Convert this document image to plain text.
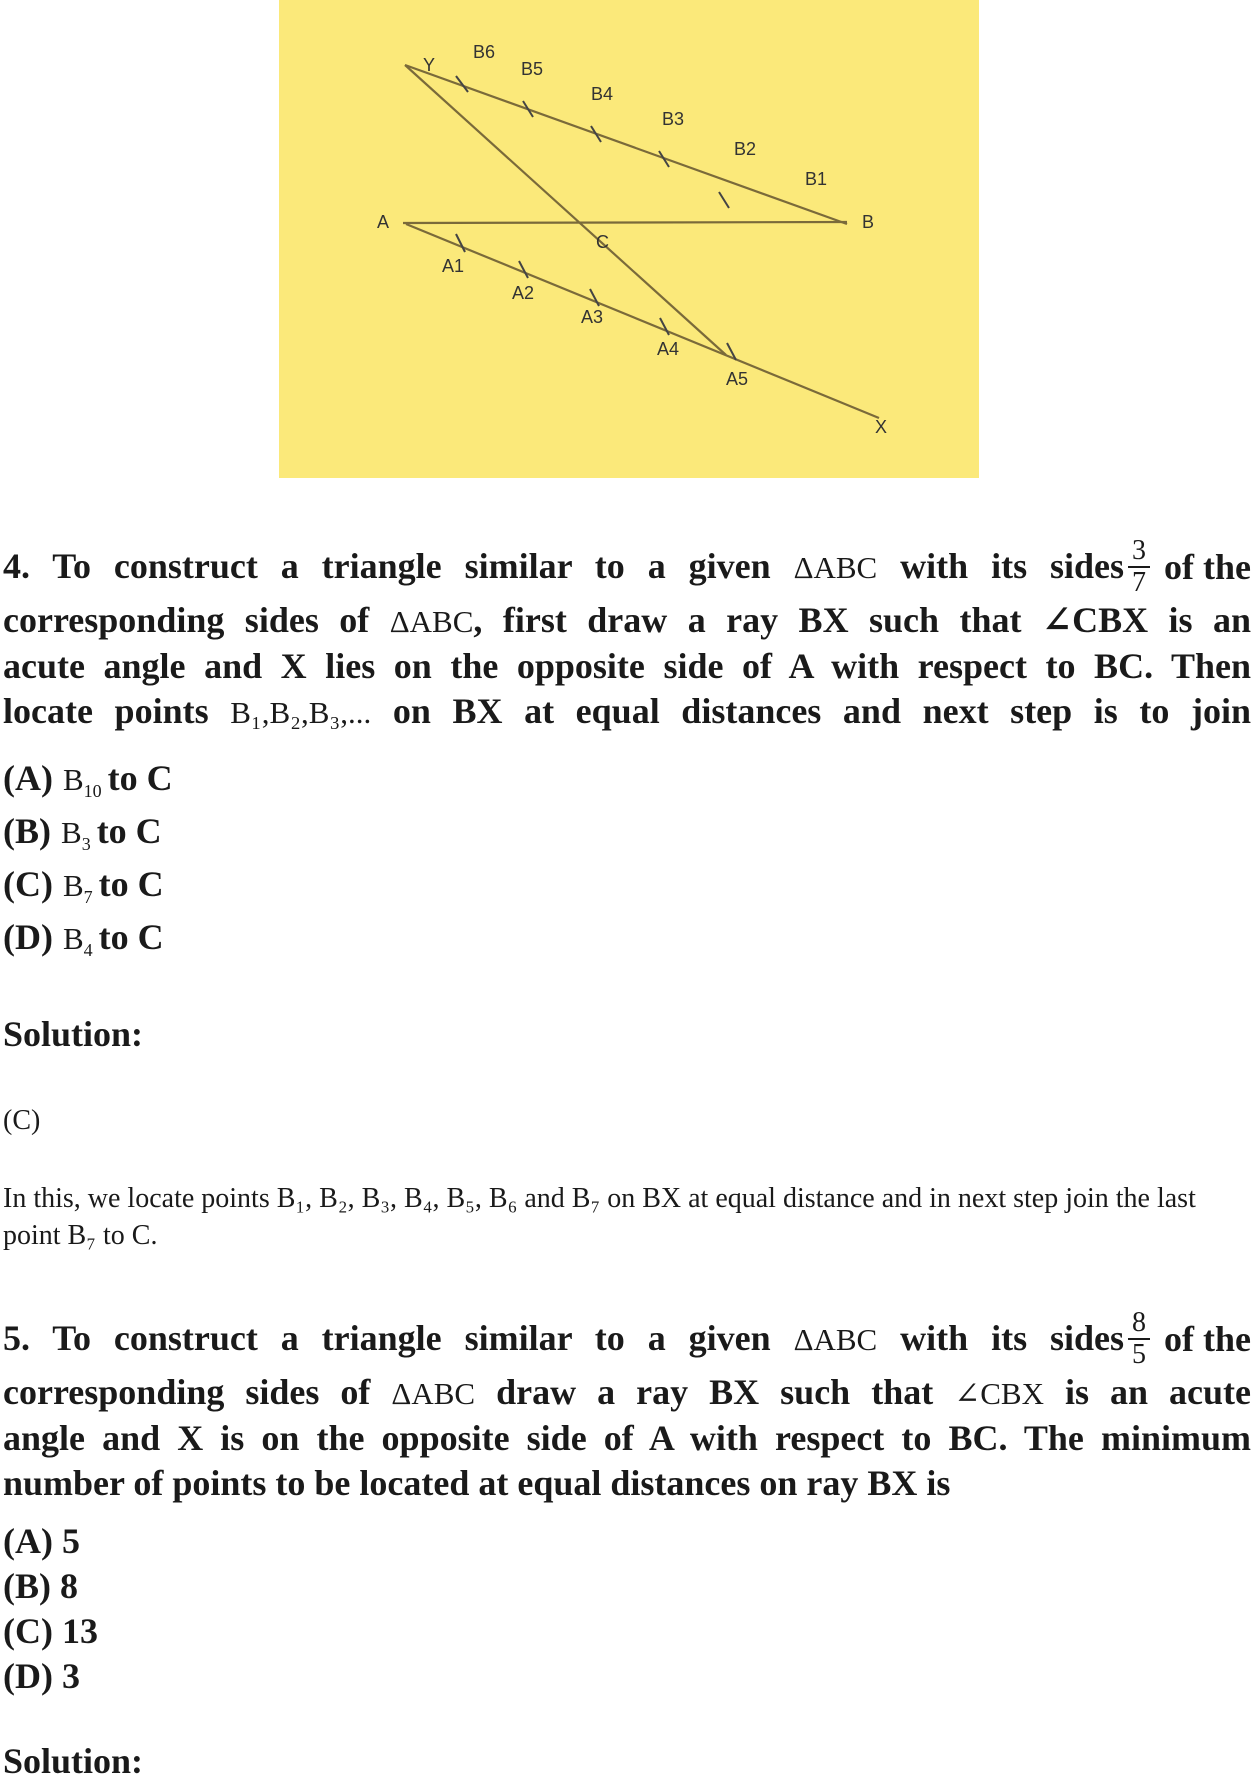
Y
A	B
C
X
B6
B5
B4
B3
B2
B1
A1
A2
A3
A4
A5
4. To construct a triangle similar to a given ΔABC with its sides $\frac{3}{7}$ of the
corresponding sides of ΔABC, first draw a ray BX such that ∠CBX is an
acute angle and X lies on the opposite side of A with respect to BC. Then
locate points B₁,B₂,B₃,... on BX at equal distances and next step is to join
(A) $B_{10}$ to C
(B) $B_3$ to C
(C) $B_7$ to C
(D) $B_4$ to C
Solution:
(C)
In this, we locate points B₁, B₂, B₃, B₄, B₅, B₆ and B₇ on BX at equal distance and in next step join the last point B₇ to C.
5. To construct a triangle similar to a given ΔABC with its sides $\frac{8}{5}$ of the
corresponding sides of ΔABC draw a ray BX such that ∠CBX is an acute
angle and X is on the opposite side of A with respect to BC. The minimum
number of points to be located at equal distances on ray BX is
(A) 5
(B) 8
(C) 13
(D) 3
Solution:
